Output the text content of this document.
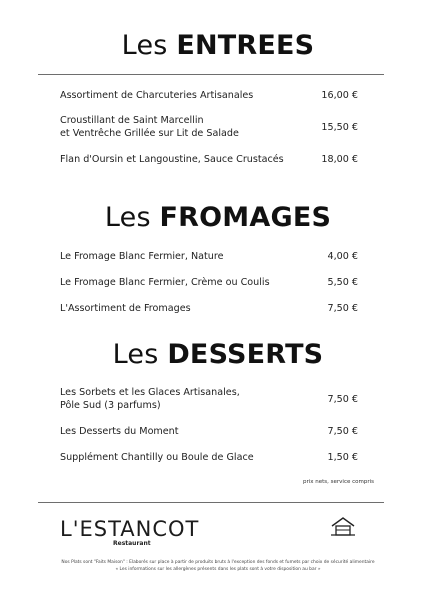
Les ENTREES
Assortiment de Charcuteries Artisanales	16,00 €
Croustillant de Saint Marcellin
et Ventrêche Grillée sur Lit de Salade
15,50 €
Flan d'Oursin et Langoustine, Sauce Crustacés	18,00 €
Les FROMAGES
Le Fromage Blanc Fermier, Nature	4,00 €
Le Fromage Blanc Fermier, Crème ou Coulis	5,50 €
L'Assortiment de Fromages	7,50 €
Les DESSERTS
Les Sorbets et les Glaces Artisanales,
Pôle Sud (3 parfums)
7,50 €
Les Desserts du Moment	7,50 €
Supplément Chantilly ou Boule de Glace	1,50 €
prix nets, service compris
L'ESTANCOT
Restaurant
Nos Plats sont "Faits Maison" : Elaborés sur place à partir de produits bruts à l'exception des fonds et fumets par choix de sécurité alimentaire
« Les informations sur les allergènes présents dans les plats sont à votre disposition au bar »
